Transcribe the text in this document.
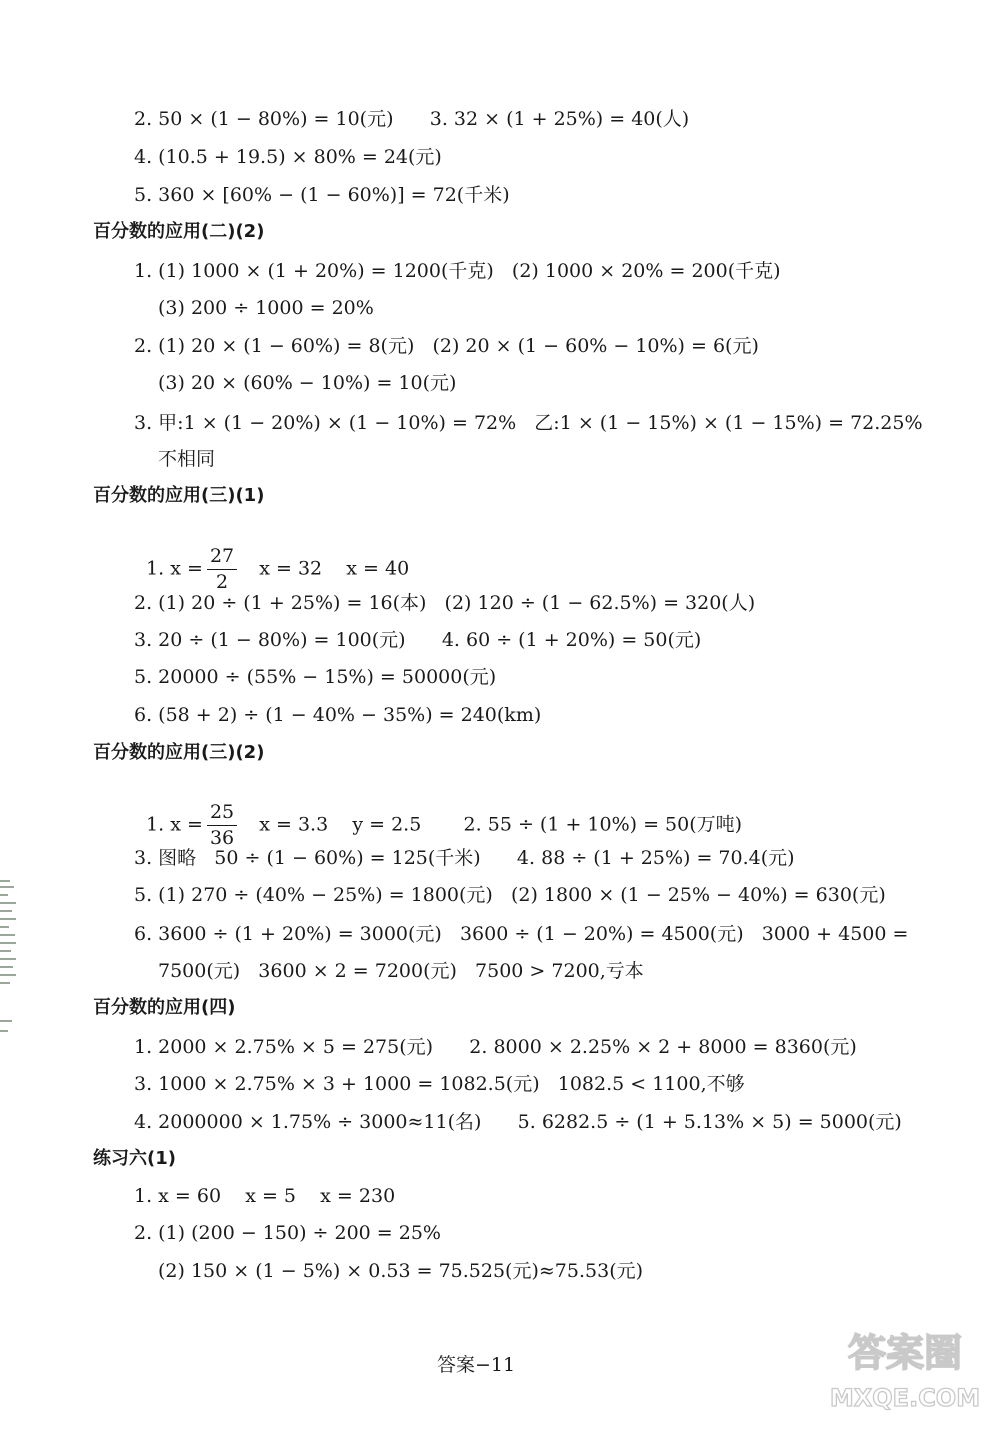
2. 50 × (1 − 80%) = 10(元)      3. 32 × (1 + 25%) = 40(人)
4. (10.5 + 19.5) × 80% = 24(元)
5. 360 × [60% − (1 − 60%)] = 72(千米)
百分数的应用(二)(2)
1. (1) 1000 × (1 + 20%) = 1200(千克)   (2) 1000 × 20% = 200(千克)
(3) 200 ÷ 1000 = 20%
2. (1) 20 × (1 − 60%) = 8(元)   (2) 20 × (1 − 60% − 10%) = 6(元)
(3) 20 × (60% − 10%) = 10(元)
3. 甲:1 × (1 − 20%) × (1 − 10%) = 72%   乙:1 × (1 − 15%) × (1 − 15%) = 72.25%
不相同
百分数的应用(三)(1)
2. (1) 20 ÷ (1 + 25%) = 16(本)   (2) 120 ÷ (1 − 62.5%) = 320(人)
3. 20 ÷ (1 − 80%) = 100(元)      4. 60 ÷ (1 + 20%) = 50(元)
5. 20000 ÷ (55% − 15%) = 50000(元)
6. (58 + 2) ÷ (1 − 40% − 35%) = 240(km)
百分数的应用(三)(2)
3. 图略   50 ÷ (1 − 60%) = 125(千米)      4. 88 ÷ (1 + 25%) = 70.4(元)
5. (1) 270 ÷ (40% − 25%) = 1800(元)   (2) 1800 × (1 − 25% − 40%) = 630(元)
6. 3600 ÷ (1 + 20%) = 3000(元)   3600 ÷ (1 − 20%) = 4500(元)   3000 + 4500 =
7500(元)   3600 × 2 = 7200(元)   7500 > 7200,亏本
百分数的应用(四)
1. 2000 × 2.75% × 5 = 275(元)      2. 8000 × 2.25% × 2 + 8000 = 8360(元)
3. 1000 × 2.75% × 3 + 1000 = 1082.5(元)   1082.5 < 1100,不够
4. 2000000 × 1.75% ÷ 3000≈11(名)      5. 6282.5 ÷ (1 + 5.13% × 5) = 5000(元)
练习六(1)
1. x = 60    x = 5    x = 230
2. (1) (200 − 150) ÷ 200 = 25%
(2) 150 × (1 − 5%) × 0.53 = 75.525(元)≈75.53(元)

1. $x = \frac{27}{2}$ x = 32    x = 40

1. $x = \frac{25}{36}$ x = 3.3    y = 2.5       2. 55 ÷ (1 + 10%) = 50(万吨)

答案−11	答案圈
MXQE.COM
